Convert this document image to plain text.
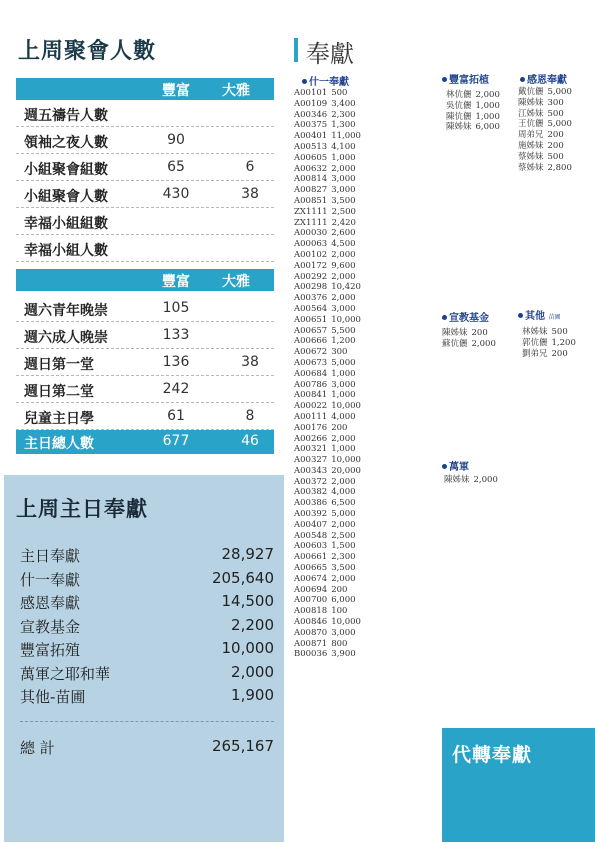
上周聚會人數
豐富	大雅
週五禱告人數
領袖之夜人數	90
小組聚會組數	65	6
小組聚會人數	430	38
幸福小組組數
幸福小組人數
豐富	大雅
週六青年晚崇	105
週六成人晚崇	133
週日第一堂	136	38
週日第二堂	242
兒童主日學	61	8
主日總人數	677	46
上周主日奉獻
主日奉獻	28,927
什一奉獻	205,640
感恩奉獻	14,500
宣教基金	2,200
豐富拓殖	10,000
萬軍之耶和華	2,000
其他-苗圃	1,900
總 計	265,167
奉獻
什一奉獻
A00101 500
A00109 3,400
A00346 2,300
A00375 1,300
A00401 11,000
A00513 4,100
A00605 1,000
A00632 2,000
A00814 3,000
A00827 3,000
A00851 3,500
ZX1111 2,500
ZX1111 2,420
A00030 2,600
A00063 4,500
A00102 2,000
A00172 9,600
A00292 2,000
A00298 10,420
A00376 2,000
A00564 3,000
A00651 10,000
A00657 5,500
A00666 1,200
A00672 300
A00673 5,000
A00684 1,000
A00786 3,000
A00841 1,000
A00022 10,000
A00111 4,000
A00176 200
A00266 2,000
A00321 1,000
A00327 10,000
A00343 20,000
A00372 2,000
A00382 4,000
A00386 6,500
A00392 5,000
A00407 2,000
A00548 2,500
A00603 1,500
A00661 2,300
A00665 3,500
A00674 2,000
A00694 200
A00700 6,000
A00818 100
A00846 10,000
A00870 3,000
A00871 800
B00036 3,900
豐富拓植
林伉儷 2,000
吳伉儷 1,000
陳伉儷 1,000
陳姊妹 6,000
感恩奉獻
戴伉儷 5,000
陳姊妹 300
江姊妹 500
王伉儷 5,000
周弟兄 200
施姊妹 200
蔡姊妹 500
蔡姊妹 2,800
宣教基金
陳姊妹 200
蘇伉儷 2,000
其他 苗圃
林姊妹 500
郭伉儷 1,200
劉弟兄 200
萬軍
陳姊妹 2,000
代轉奉獻
